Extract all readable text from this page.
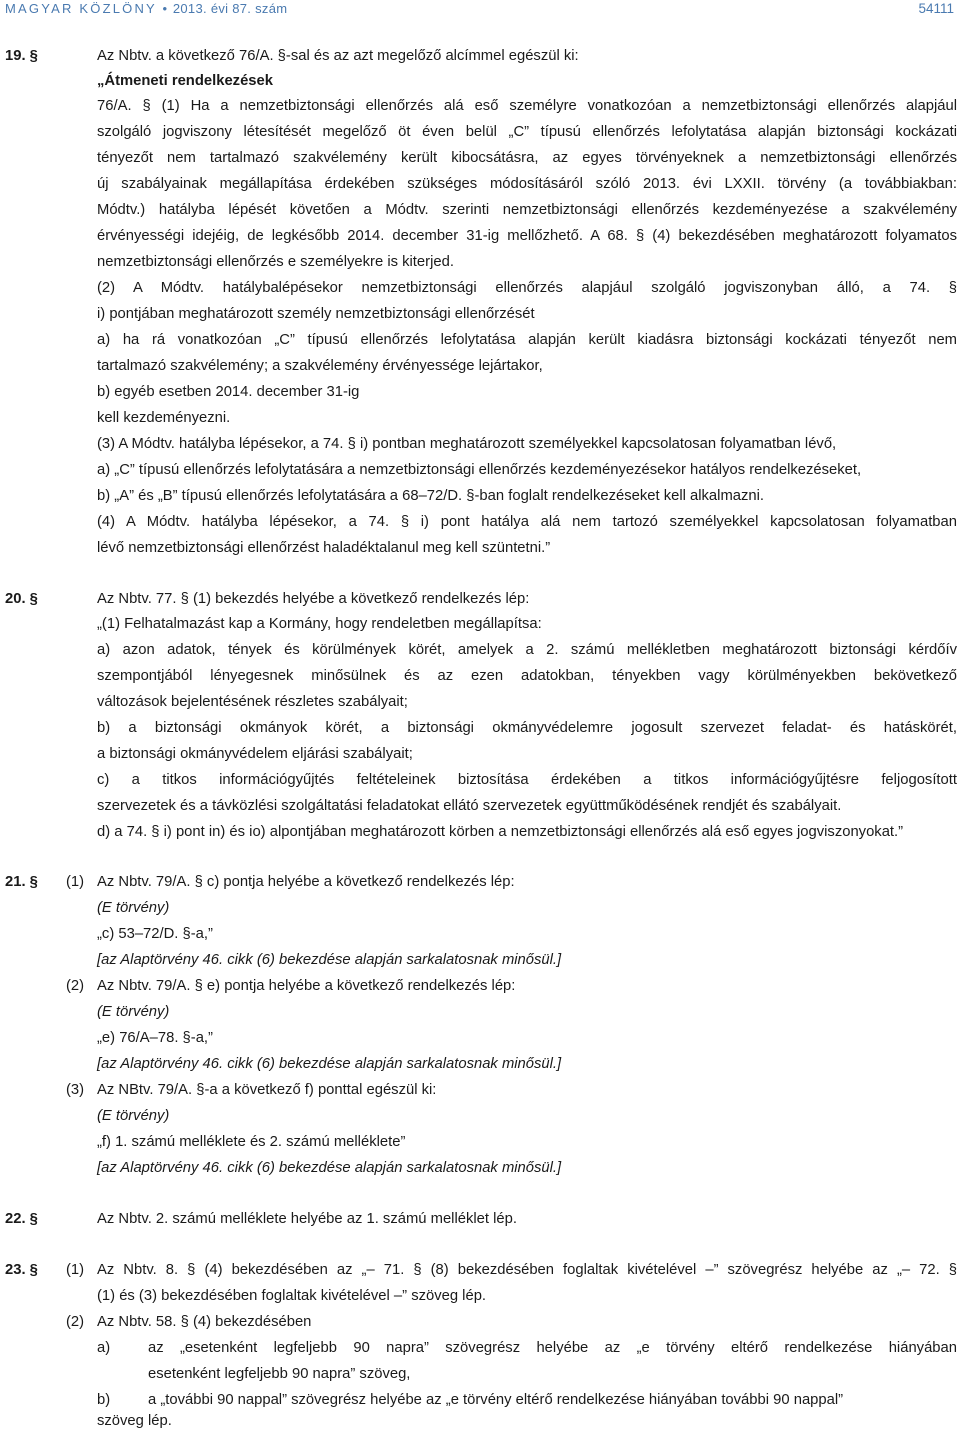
MAGYAR KÖZLÖNY • 2013. évi 87. szám	54111
19. §	Az Nbtv. a következő 76/A. §-sal és az azt megelőző alcímmel egészül ki:
„Átmeneti rendelkezések
76/A. § (1) Ha a nemzetbiztonsági ellenőrzés alá eső személyre vonatkozóan a nemzetbiztonsági ellenőrzés alapjául
szolgáló jogviszony létesítését megelőző öt éven belül „C” típusú ellenőrzés lefolytatása alapján biztonsági kockázati
tényezőt nem tartalmazó szakvélemény került kibocsátásra, az egyes törvényeknek a nemzetbiztonsági ellenőrzés
új szabályainak megállapítása érdekében szükséges módosításáról szóló 2013. évi LXXII. törvény (a továbbiakban:
Módtv.) hatályba lépését követően a Módtv. szerinti nemzetbiztonsági ellenőrzés kezdeményezése a szakvélemény
érvényességi idejéig, de legkésőbb 2014. december 31-ig mellőzhető. A 68. § (4) bekezdésében meghatározott folyamatos
nemzetbiztonsági ellenőrzés e személyekre is kiterjed.
(2) A Módtv. hatálybalépésekor nemzetbiztonsági ellenőrzés alapjául szolgáló jogviszonyban álló, a 74. §
i) pontjában meghatározott személy nemzetbiztonsági ellenőrzését
a) ha rá vonatkozóan „C” típusú ellenőrzés lefolytatása alapján került kiadásra biztonsági kockázati tényezőt nem
tartalmazó szakvélemény; a szakvélemény érvényessége lejártakor,
b) egyéb esetben 2014. december 31-ig
kell kezdeményezni.
(3) A Módtv. hatályba lépésekor, a 74. § i) pontban meghatározott személyekkel kapcsolatosan folyamatban lévő,
a) „C” típusú ellenőrzés lefolytatására a nemzetbiztonsági ellenőrzés kezdeményezésekor hatályos rendelkezéseket,
b) „A” és „B” típusú ellenőrzés lefolytatására a 68–72/D. §-ban foglalt rendelkezéseket kell alkalmazni.
(4) A Módtv. hatályba lépésekor, a 74. § i) pont hatálya alá nem tartozó személyekkel kapcsolatosan folyamatban
lévő nemzetbiztonsági ellenőrzést haladéktalanul meg kell szüntetni.”
20. §	Az Nbtv. 77. § (1) bekezdés helyébe a következő rendelkezés lép:
„(1) Felhatalmazást kap a Kormány, hogy rendeletben megállapítsa:
a) azon adatok, tények és körülmények körét, amelyek a 2. számú mellékletben meghatározott biztonsági kérdőív
szempontjából lényegesnek minősülnek és az ezen adatokban, tényekben vagy körülményekben bekövetkező
változások bejelentésének részletes szabályait;
b) a biztonsági okmányok körét, a biztonsági okmányvédelemre jogosult szervezet feladat- és hatáskörét,
a biztonsági okmányvédelem eljárási szabályait;
c) a titkos információgyűjtés feltételeinek biztosítása érdekében a titkos információgyűjtésre feljogosított
szervezetek és a távközlési szolgáltatási feladatokat ellátó szervezetek együttműködésének rendjét és szabályait.
d) a 74. § i) pont in) és io) alpontjában meghatározott körben a nemzetbiztonsági ellenőrzés alá eső egyes jogviszonyokat.”
21. § (1) Az Nbtv. 79/A. § c) pontja helyébe a következő rendelkezés lép:
(E törvény)
„c) 53–72/D. §-a,”
[az Alaptörvény 46. cikk (6) bekezdése alapján sarkalatosnak minősül.]
(2) Az Nbtv. 79/A. § e) pontja helyébe a következő rendelkezés lép:
(E törvény)
„e) 76/A–78. §-a,”
[az Alaptörvény 46. cikk (6) bekezdése alapján sarkalatosnak minősül.]
(3) Az NBtv. 79/A. §-a a következő f) ponttal egészül ki:
(E törvény)
„f) 1. számú melléklete és 2. számú melléklete”
[az Alaptörvény 46. cikk (6) bekezdése alapján sarkalatosnak minősül.]
22. §	Az Nbtv. 2. számú melléklete helyébe az 1. számú melléklet lép.
23. § (1) Az Nbtv. 8. § (4) bekezdésében az „– 71. § (8) bekezdésében foglaltak kivételével –” szövegrész helyébe az „– 72. §
(1) és (3) bekezdésében foglaltak kivételével –” szöveg lép.
(2) Az Nbtv. 58. § (4) bekezdésében
a)	az „esetenként legfeljebb 90 napra” szövegrész helyébe az „e törvény eltérő rendelkezése hiányában
esetenként legfeljebb 90 napra” szöveg,
b)	a „további 90 nappal” szövegrész helyébe az „e törvény eltérő rendelkezése hiányában további 90 nappal”
szöveg lép.
